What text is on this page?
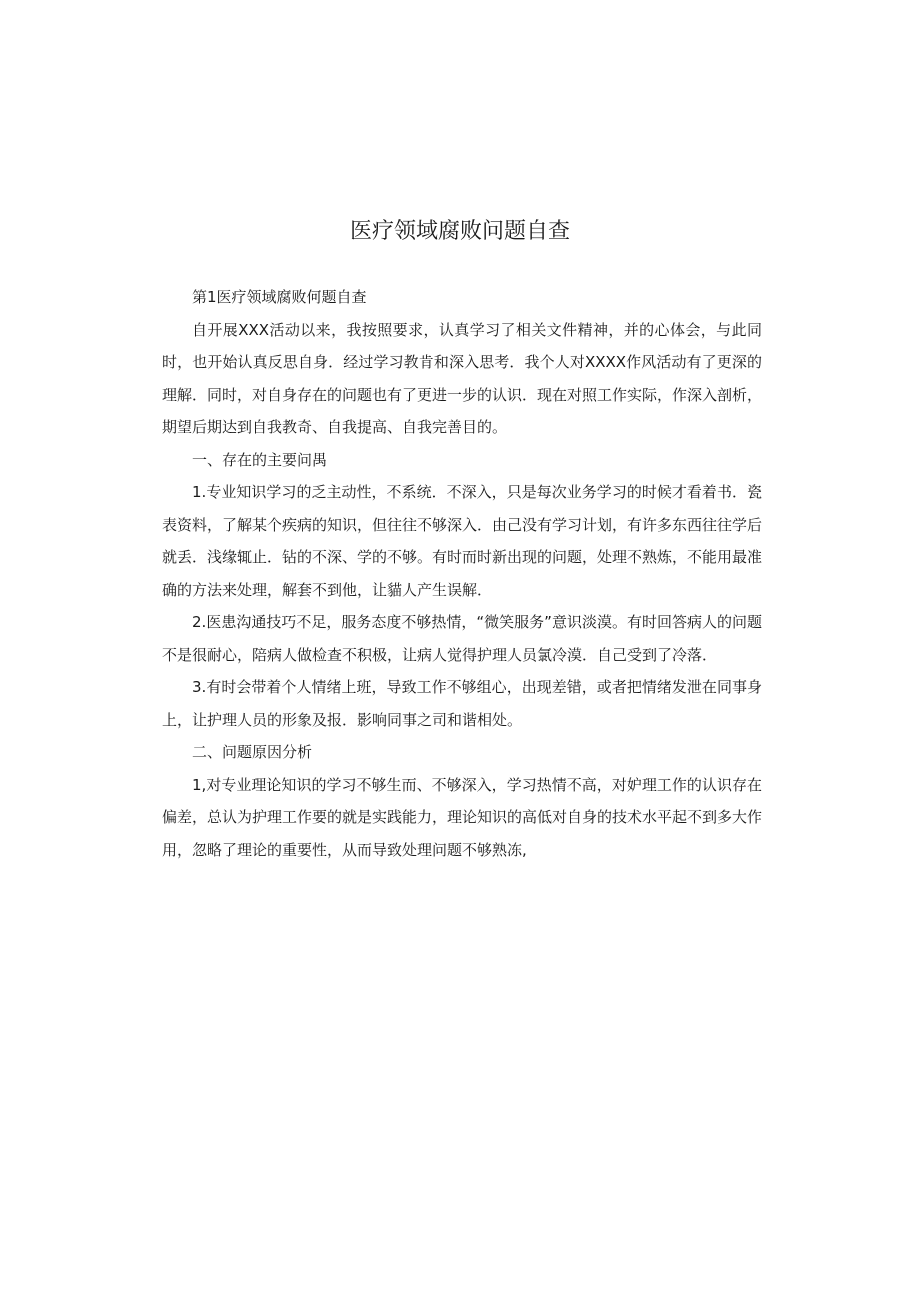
医疗领域腐败问题自查

第1医疗领域腐败何题自查

自开展XXX活动以来，我按照要求，认真学习了相关文件精神，并的心体会，与此同时，也开始认真反思自身．经过学习教肯和深入思考．我个人对XXXX作风活动有了更深的理解．同时，对自身存在的问题也有了更进一步的认识．现在对照工作实际，作深入剖析，期望后期达到自我教奇、自我提高、自我完善目的。

一、存在的主要问禺

1.专业知识学习的乏主动性，不系统．不深入，只是每次业务学习的时候才看着书．瓷表资料，了解某个疾病的知识，但往往不够深入．由己没有学习计划，有许多东西往往学后就丢．浅缘辄止．钻的不深、学的不够。有时而时新出现的问题，处理不熟炼，不能用最准确的方法来处理，解套不到他，让貓人产生误解．

2.医患沟通技巧不足，服务态度不够热情，“微笑服务”意识淡漠。有时回答病人的问题不是很耐心，陪病人做检查不积极，让病人觉得护理人员氯冷漠．自己受到了冷落．

3.有时会带着个人情绪上班，导致工作不够组心，出现差错，或者把情绪发泄在同事身上，让护理人员的形象及报．影响同事之司和谐相处。

二、问题原因分析

1,对专业理论知识的学习不够生而、不够深入，学习热情不高，对妒理工作的认识存在偏差，总认为护理工作要的就是实践能力，理论知识的高低对自身的技术水平起不到多大作用，忽略了理论的重要性，从而导致处理问题不够熟冻,
